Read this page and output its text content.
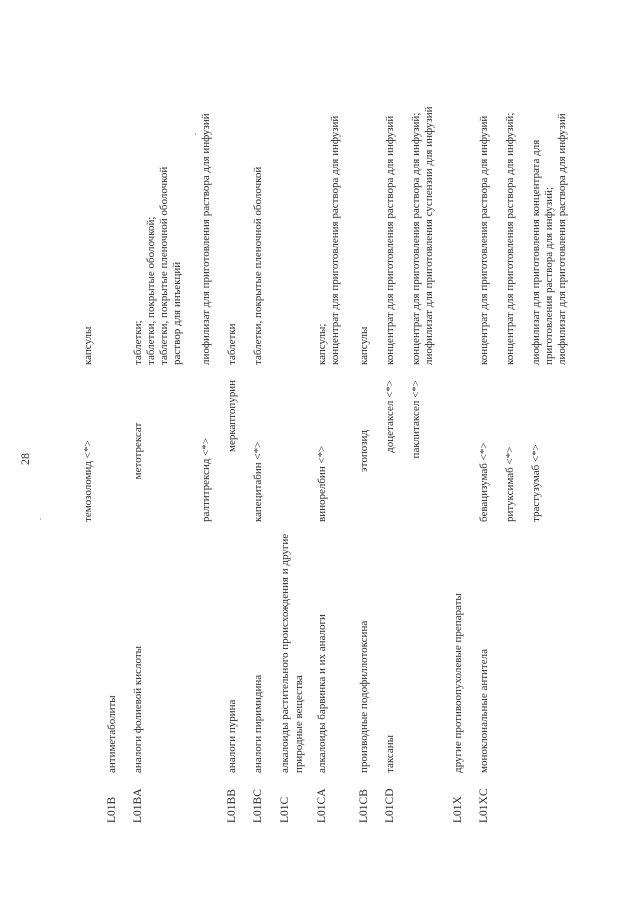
28	темозоломид <*>
капсулы
L01B
антиметаболиты
L01BA
аналоги фолиевой кислоты
метотрексат
таблетки; таблетки, покрытые оболочкой; таблетки, покрытые пленочной оболочкой раствор для инъекций
ралтитрексид <*>
лиофилизат для приготовления раствора для инфузий
L01BB
аналоги пурина
меркаптопурин
таблетки
L01BC
аналоги пиримидина
капецитабин <*>
таблетки, покрытые пленочной оболочкой
L01C
алкалоиды растительного происхождения и другие природные вещества
L01CA
алкалоиды барвинка и их аналоги
винорелбин <*>
капсулы; концентрат для приготовления раствора для инфузий
L01CB
производные подофиллотоксина
этопозид
капсулы
L01CD
таксаны
доцетаксел <*>
концентрат для приготовления раствора для инфузий
паклитаксел <*>
концентрат для приготовления раствора для инфузий; лиофилизат для приготовления суспензии для инфузий
L01X
другие противоопухолевые препараты
L01XC
моноклональные антитела
бевацизумаб <*>
концентрат для приготовления раствора для инфузий
ритуксимаб <*>
концентрат для приготовления раствора для инфузий;
трастузумаб <*>
лиофилизат для приготовления концентрата для приготовления раствора для инфузий; лиофилизат для приготовления раствора для инфузий
